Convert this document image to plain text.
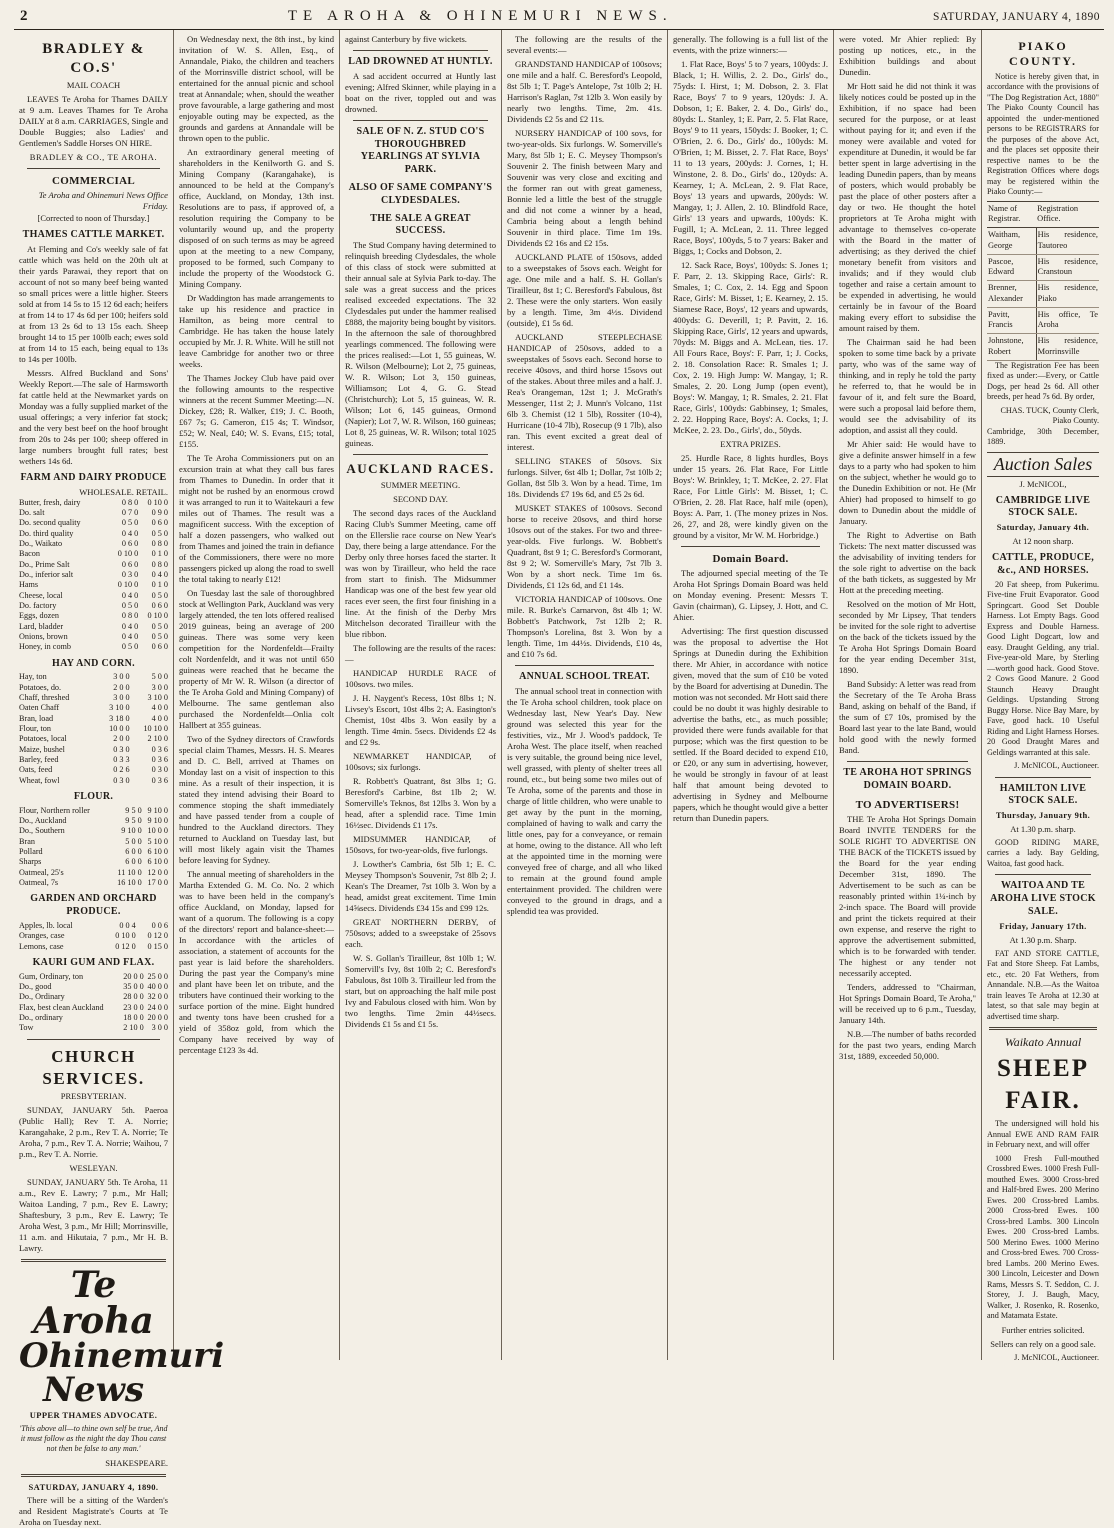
2	TE AROHA & OHINEMURI NEWS.	SATURDAY, JANUARY 4, 1890
BRADLEY & CO.S'
MAIL COACH

LEAVES Te Aroha for Thames DAILY at 9 a.m. Leaves Thames for Te Aroha DAILY at 8 a.m. CARRIAGES, Single and Double Buggies; also Ladies' and Gentlemen's Saddle Horses ON HIRE.

BRADLEY & CO., TE AROHA.
COMMERCIAL
Te Aroha and Ohinemuri News Office Friday.
[Corrected to noon of Thursday.]
THAMES CATTLE MARKET.

At Fleming and Co's weekly sale of fat cattle which was held on the 20th ult at their yards Parawai, they report that on account of not so many beef being wanted so small prices were a little higher. Steers sold at from 14 5s to 15 12 6d each; heifers at from 14 to 17 4s 6d per 100; heifers sold at from 13 2s 6d to 13 15s each. Sheep brought 14 to 15 per 100lb each; ewes sold at from 14 to 15 each, being equal to 13s to 14s per 100lb.

Messrs. Alfred Buckland and Sons' Weekly Report.—The sale of Harmsworth fat cattle held at the Newmarket yards on Monday was a fully supplied market of the usual offerings; a very inferior fat stock; and the very best beef on the hoof brought from 20s to 24s per 100; sheep offered in large numbers brought full rates; best wethers 14s 6d.

FARM AND DAIRY PRODUCE
WHOLESALE. RETAIL.
Butter, fresh, dairy	0 8 0	0 10 0
Do. salt	0 7 0	0 9 0
Do. second quality	0 5 0	0 6 0
Do. third quality	0 4 0	0 5 0
Do., Waikato	0 6 0	0 8 0
Bacon	0 10 0	0 1 0
Do., Prime Salt	0 6 0	0 8 0
Do., inferior salt	0 3 0	0 4 0
Hams	0 10 0	0 1 0
Cheese, local	0 4 0	0 5 0
Do. factory	0 5 0	0 6 0
Eggs, dozen	0 8 0	0 10 0
Lard, bladder	0 4 0	0 5 0
Onions, brown	0 4 0	0 5 0
Honey, in comb	0 5 0	0 6 0
HAY AND CORN.
Hay, ton	3 0 0	5 0 0
Potatoes, do.	2 0 0	3 0 0
Chaff, threshed	3 0 0	3 10 0
Oaten Chaff	3 10 0	4 0 0
Bran, load	3 18 0	4 0 0
Flour, ton	10 0 0	10 10 0
Potatoes, local	2 0 0	2 10 0
Maize, bushel	0 3 0	0 3 6
Barley, feed	0 3 3	0 3 6
Oats, feed	0 2 6	0 3 0
Wheat, fowl	0 3 0	0 3 6
FLOUR.
Flour, Northern roller	9 5 0	9 10 0
Do., Auckland	9 5 0	9 10 0
Do., Southern	9 10 0	10 0 0
Bran	5 0 0	5 10 0
Pollard	6 0 0	6 10 0
Sharps	6 0 0	6 10 0
Oatmeal, 25's	11 10 0	12 0 0
Oatmeal, 7s	16 10 0	17 0 0
GARDEN AND ORCHARD PRODUCE.
Apples, lb. local	0 0 4	0 0 6
Oranges, case	0 10 0	0 12 0
Lemons, case	0 12 0	0 15 0
KAURI GUM AND FLAX.
Gum, Ordinary, ton	20 0 0	25 0 0
Do., good	35 0 0	40 0 0
Do., Ordinary	28 0 0	32 0 0
Flax, best clean Auckland	23 0 0	24 0 0
Do., ordinary	18 0 0	20 0 0
Tow	2 10 0	3 0 0
CHURCH SERVICES.
PRESBYTERIAN.

SUNDAY, JANUARY 5th. Paeroa (Public Hall); Rev T. A. Norrie; Karangahake, 2 p.m., Rev T. A. Norrie; Te Aroha, 7 p.m., Rev T. A. Norrie; Waihou, 7 p.m., Rev T. A. Norrie.

WESLEYAN.

SUNDAY, JANUARY 5th. Te Aroha, 11 a.m., Rev E. Lawry; 7 p.m., Mr Hall; Waitoa Landing, 7 p.m., Rev E. Lawry; Shaftesbury, 3 p.m., Rev E. Lawry; Te Aroha West, 3 p.m., Mr Hill; Morrinsville, 11 a.m. and Hikutaia, 7 p.m., Mr H. B. Lawry.

Te Aroha
Ohinemuri News
UPPER THAMES ADVOCATE.
'This above all—to thine own self be true, And it must follow as the night the day Thou canst not then be false to any man.'
SHAKESPEARE.
SATURDAY, JANUARY 4, 1890.

There will be a sitting of the Warden's and Resident Magistrate's Courts at Te Aroha on Tuesday next.

On Wednesday next, the 8th inst., by kind invitation of W. S. Allen, Esq., of Annandale, Piako, the children and teachers of the Morrinsville district school, will be entertained for the annual picnic and school treat at Annandale; when, should the weather prove favourable, a large gathering and most enjoyable outing may be expected, as the grounds and gardens at Annandale will be thrown open to the public.

An extraordinary general meeting of shareholders in the Kenilworth G. and S. Mining Company (Karangahake), is announced to be held at the Company's office, Auckland, on Monday, 13th inst. Resolutions are to pass, if approved of, a resolution requiring the Company to be voluntarily wound up, and the property disposed of on such terms as may be agreed upon at the meeting to a new Company, proposed to be formed, such Company to include the property of the Woodstock G. Mining Company.

Dr Waddington has made arrangements to take up his residence and practice in Hamilton, as being more central to Cambridge. He has taken the house lately occupied by Mr. J. R. White. Will he still not leave Cambridge for another two or three weeks.

The Thames Jockey Club have paid over the following amounts to the respective winners at the recent Summer Meeting:—N. Dickey, £28; R. Walker, £19; J. C. Booth, £67 7s; G. Cameron, £15 4s; T. Windsor, £52; W. Neal, £40; W. S. Evans, £15; total, £155.

The Te Aroha Commissioners put on an excursion train at what they call bus fares from Thames to Dunedin. In order that it might not be rushed by an enormous crowd it was arranged to run it to Waitekauri a few miles out of Thames. The result was a magnificent success. With the exception of half a dozen passengers, who walked out from Thames and joined the train in defiance of the Commissioners, there were no more passengers picked up along the road to swell the total taking to nearly £12!

On Tuesday last the sale of thoroughbred stock at Wellington Park, Auckland was very largely attended, the ten lots offered realised 2019 guineas, being an average of 200 guineas. There was some very keen competition for the Nordenfeldt—Frailty colt Nordenfeldt, and it was not until 650 guineas were reached that he became the property of Mr W. R. Wilson (a director of the Te Aroha Gold and Mining Company) of Melbourne. The same gentleman also purchased the Nordenfeldt—Onlia colt Hallbert at 355 guineas.

Two of the Sydney directors of Crawfords special claim Thames, Messrs. H. S. Meares and D. C. Bell, arrived at Thames on Monday last on a visit of inspection to this mine. As a result of their inspection, it is stated they intend advising their Board to commence stoping the shaft immediately and have passed tender from a couple of hundred to the Auckland directors. They returned to Auckland on Tuesday last, but will most likely again visit the Thames before leaving for Sydney.

The annual meeting of shareholders in the Martha Extended G. M. Co. No. 2 which was to have been held in the company's office Auckland, on Monday, lapsed for want of a quorum. The following is a copy of the directors' report and balance-sheet:—In accordance with the articles of association, a statement of accounts for the past year is laid before the shareholders. During the past year the Company's mine and plant have been let on tribute, and the tributers have continued their working to the surface portion of the mine. Eight hundred and twenty tons have been crushed for a yield of 358oz gold, from which the Company have received by way of percentage £123 3s 4d.

against Canterbury by five wickets.

LAD DROWNED AT HUNTLY.

A sad accident occurred at Huntly last evening; Alfred Skinner, while playing in a boat on the river, toppled out and was drowned.

SALE OF N. Z. STUD CO'S THOROUGHBRED YEARLINGS AT SYLVIA PARK.
ALSO OF SAME COMPANY'S CLYDESDALES.
THE SALE A GREAT SUCCESS.

The Stud Company having determined to relinquish breeding Clydesdales, the whole of this class of stock were submitted at their annual sale at Sylvia Park to-day. The sale was a great success and the prices realised exceeded expectations. The 32 Clydesdales put under the hammer realised £888, the majority being bought by visitors. In the afternoon the sale of thoroughbred yearlings commenced. The following were the prices realised:—Lot 1, 55 guineas, W. R. Wilson (Melbourne); Lot 2, 75 guineas, W. R. Wilson; Lot 3, 150 guineas, Williamson; Lot 4, G. G. Stead (Christchurch); Lot 5, 15 guineas, W. R. Wilson; Lot 6, 145 guineas, Ormond (Napier); Lot 7, W. R. Wilson, 160 guineas; Lot 8, 25 guineas, W. R. Wilson; total 1025 guineas.

AUCKLAND RACES.
SUMMER MEETING.
SECOND DAY.

The second days races of the Auckland Racing Club's Summer Meeting, came off on the Ellerslie race course on New Year's Day, there being a large attendance. For the Derby only three horses faced the starter. It was won by Tirailleur, who held the race from start to finish. The Midsummer Handicap was one of the best few year old races ever seen, the first four finishing in a line. At the finish of the Derby Mrs Mitchelson decorated Tirailleur with the blue ribbon.

The following are the results of the races:—

HANDICAP HURDLE RACE of 100sovs. two miles.

J. H. Naygent's Recess, 10st 8lbs 1; N. Livsey's Escort, 10st 4lbs 2; A. Easington's Chemist, 10st 4lbs 3. Won easily by a length. Time 4min. 5secs. Dividends £2 4s and £2 9s.

NEWMARKET HANDICAP, of 100sovs; six furlongs.

R. Robbett's Quatrant, 8st 3lbs 1; G. Beresford's Carbine, 8st 1lb 2; W. Somerville's Teknos, 8st 12lbs 3. Won by a head, after a splendid race. Time 1min 16½sec. Dividends £1 17s.

MIDSUMMER HANDICAP, of 150sovs, for two-year-olds, five furlongs.

J. Lowther's Cambria, 6st 5lb 1; E. C. Meysey Thompson's Souvenir, 7st 8lb 2; J. Kean's The Dreamer, 7st 10lb 3. Won by a head, amidst great excitement. Time 1min 14⅝secs. Dividends £34 15s and £99 12s.

GREAT NORTHERN DERBY, of 750sovs; added to a sweepstake of 25sovs each.

W. S. Gollan's Tirailleur, 8st 10lb 1; W. Somervill's Ivy, 8st 10lb 2; C. Beresford's Fabulous, 8st 10lb 3. Tirailleur led from the start, but on approaching the half mile post Ivy and Fabulous closed with him. Won by two lengths. Time 2min 44½secs. Dividends £1 5s and £1 5s.

The following are the results of the several events:—

GRANDSTAND HANDICAP of 100sovs; one mile and a half. C. Beresford's Leopold, 8st 5lb 1; T. Page's Antelope, 7st 10lb 2; H. Harrison's Raglan, 7st 12lb 3. Won easily by nearly two lengths. Time, 2m. 41s. Dividends £2 5s and £2 11s.

NURSERY HANDICAP of 100 sovs, for two-year-olds. Six furlongs. W. Somerville's Mary, 8st 5lb 1; E. C. Meysey Thompson's Souvenir 2. The finish between Mary and Souvenir was very close and exciting and the former ran out with great gameness, Bonnie led a little the best of the struggle and did not come a winner by a head, Cambria being about a length behind Souvenir in third place. Time 1m 19s. Dividends £2 16s and £2 15s.

AUCKLAND PLATE of 150sovs, added to a sweepstakes of 5sovs each. Weight for age. One mile and a half. S. H. Gollan's Tirailleur, 8st 1; C. Beresford's Fabulous, 8st 2. These were the only starters. Won easily by a length. Time, 3m 4½s. Dividend (outside), £1 5s 6d.

AUCKLAND STEEPLECHASE HANDICAP of 250sovs, added to a sweepstakes of 5sovs each. Second horse to receive 40sovs, and third horse 15sovs out of the stakes. About three miles and a half. J. Rea's Orangeman, 12st 1; J. McGrath's Messenger, 11st 2; J. Munn's Volcano, 11st 6lb 3. Chemist (12 1 5lb), Rossiter (10-4), Hurricane (10-4 7lb), Rosecup (9 1 7lb), also ran. This event excited a great deal of interest.

SELLING STAKES of 50sovs. Six furlongs. Silver, 6st 4lb 1; Dollar, 7st 10lb 2; Gollan, 8st 5lb 3. Won by a head. Time, 1m 18s. Dividends £7 19s 6d, and £5 2s 6d.

MUSKET STAKES of 100sovs. Second horse to receive 20sovs, and third horse 10sovs out of the stakes. For two and three-year-olds. Five furlongs. W. Bobbett's Quadrant, 8st 9 1; C. Beresford's Cormorant, 8st 9 2; W. Somerville's Mary, 7st 7lb 3. Won by a short neck. Time 1m 6s. Dividends, £1 12s 6d, and £1 14s.

VICTORIA HANDICAP of 100sovs. One mile. R. Burke's Carnarvon, 8st 4lb 1; W. Bobbett's Patchwork, 7st 12lb 2; R. Thompson's Lorelina, 8st 3. Won by a length. Time, 1m 44½s. Dividends, £10 4s, and £10 7s 6d.

ANNUAL SCHOOL TREAT.

The annual school treat in connection with the Te Aroha school children, took place on Wednesday last, New Year's Day. New ground was selected this year for the festivities, viz., Mr J. Wood's paddock, Te Aroha West. The place itself, when reached is very suitable, the ground being nice level, well grassed, with plenty of shelter trees all round, etc., but being some two miles out of Te Aroha, some of the parents and those in charge of little children, who were unable to get away by the punt in the morning, complained of having to walk and carry the little ones, pay for a conveyance, or remain at home, owing to the distance. All who left at the appointed time in the morning were conveyed free of charge, and all who liked to remain at the ground found ample entertainment provided. The children were conveyed to the ground in drags, and a splendid tea was provided.

generally. The following is a full list of the events, with the prize winners:—

1. Flat Race, Boys' 5 to 7 years, 100yds: J. Black, 1; H. Willis, 2. 2. Do., Girls' do., 75yds: I. Hirst, 1; M. Dobson, 2. 3. Flat Race, Boys' 7 to 9 years, 120yds: J. A. Dobson, 1; E. Baker, 2. 4. Do., Girls' do., 80yds: L. Stanley, 1; E. Parr, 2. 5. Flat Race, Boys' 9 to 11 years, 150yds: J. Booker, 1; C. O'Brien, 2. 6. Do., Girls' do., 100yds: M. O'Brien, 1; M. Bisset, 2. 7. Flat Race, Boys' 11 to 13 years, 200yds: J. Cornes, 1; H. Winstone, 2. 8. Do., Girls' do., 120yds: A. Kearney, 1; A. McLean, 2. 9. Flat Race, Boys' 13 years and upwards, 200yds: W. Mangay, 1; J. Allen, 2. 10. Blindfold Race, Girls' 13 years and upwards, 100yds: K. Fugill, 1; A. McLean, 2. 11. Three legged Race, Boys', 100yds, 5 to 7 years: Baker and Biggs, 1; Cocks and Dobson, 2.

12. Sack Race, Boys', 100yds: S. Jones 1; F. Parr, 2. 13. Skipping Race, Girls': R. Smales, 1; C. Cox, 2. 14. Egg and Spoon Race, Girls': M. Bisset, 1; E. Kearney, 2. 15. Siamese Race, Boys', 12 years and upwards, 400yds: G. Deverill, 1; P. Pavitt, 2. 16. Skipping Race, Girls', 12 years and upwards, 70yds: M. Biggs and A. McLean, ties. 17. All Fours Race, Boys': F. Parr, 1; J. Cocks, 2. 18. Consolation Race: R. Smales 1; J. Cox, 2. 19. High Jump: W. Mangay, 1; R. Smales, 2. 20. Long Jump (open event), Boys': W. Mangay, 1; R. Smales, 2. 21. Flat Race, Girls', 100yds: Gabbinsey, 1; Smales, 2. 22. Hopping Race, Boys': A. Cocks, 1; J. McKee, 2. 23. Do., Girls', do., 50yds.

EXTRA PRIZES.

25. Hurdle Race, 8 lights hurdles, Boys under 15 years. 26. Flat Race, For Little Boys': W. Brinkley, 1; T. McKee, 2. 27. Flat Race, For Little Girls': M. Bisset, 1; C. O'Brien, 2. 28. Flat Race, half mile (open), Boys: A. Parr, 1. (The money prizes in Nos. 26, 27, and 28, were kindly given on the ground by a visitor, Mr W. M. Horbridge.)

Domain Board.

The adjourned special meeting of the Te Aroha Hot Springs Domain Board was held on Monday evening. Present: Messrs T. Gavin (chairman), G. Lipsey, J. Hott, and C. Ahier.

Advertising: The first question discussed was the proposal to advertise the Hot Springs at Dunedin during the Exhibition there. Mr Ahier, in accordance with notice given, moved that the sum of £10 be voted by the Board for advertising at Dunedin. The motion was not seconded. Mr Hott said there could be no doubt it was highly desirable to advertise the baths, etc., as much possible; provided there were funds available for that purpose; which was the first question to be settled. If the Board decided to expend £10, or £20, or any sum in advertising, however, he would be strongly in favour of at least half that amount being devoted to advertising in Sydney and Melbourne papers, which he thought would give a better return than Dunedin papers.

were voted. Mr Ahier replied: By posting up notices, etc., in the Exhibition buildings and about Dunedin.

Mr Hott said he did not think it was likely notices could be posted up in the Exhibition, if no space had been secured for the purpose, or at least without paying for it; and even if the money were available and voted for expenditure at Dunedin, it would be far better spent in large advertising in the leading Dunedin papers, than by means of posters, which would probably be past the place of other posters after a day or two. He thought the hotel proprietors at Te Aroha might with advantage to themselves co-operate with the Board in the matter of advertising; as they derived the chief monetary benefit from visitors and invalids; and if they would club together and raise a certain amount to be expended in advertising, he would certainly be in favour of the Board making every effort to subsidise the amount raised by them.

The Chairman said he had been spoken to some time back by a private party, who was of the same way of thinking, and in reply he told the party he referred to, that he would be in favour of it, and felt sure the Board, were such a proposal laid before them, would see the advisability of its adoption, and assist all they could.

Mr Ahier said: He would have to give a definite answer himself in a few days to a party who had spoken to him on the subject, whether he would go to the Dunedin Exhibition or not. He (Mr Ahier) had proposed to himself to go down to Dunedin about the middle of January.

The Right to Advertise on Bath Tickets: The next matter discussed was the advisability of inviting tenders for the sole right to advertise on the back of the bath tickets, as suggested by Mr Hott at the preceding meeting.

Resolved on the motion of Mr Hott, seconded by Mr Lipsey, That tenders be invited for the sole right to advertise on the back of the tickets issued by the Te Aroha Hot Springs Domain Board for the year ending December 31st, 1890.

Band Subsidy: A letter was read from the Secretary of the Te Aroha Brass Band, asking on behalf of the Band, if the sum of £7 10s, promised by the Board last year to the late Band, would hold good with the newly formed Band.

TE AROHA HOT SPRINGS DOMAIN BOARD.
TO ADVERTISERS!

THE Te Aroha Hot Springs Domain Board INVITE TENDERS for the SOLE RIGHT TO ADVERTISE ON THE BACK of the TICKETS issued by the Board for the year ending December 31st, 1890. The Advertisement to be such as can be reasonably printed within 1¼-inch by 2-inch space. The Board will provide and print the tickets required at their own expense, and reserve the right to approve the advertisement submitted, which is to be forwarded with tender. The highest or any tender not necessarily accepted.

Tenders, addressed to "Chairman, Hot Springs Domain Board, Te Aroha," will be received up to 6 p.m., Tuesday, January 14th.

N.B.—The number of baths recorded for the past two years, ending March 31st, 1889, exceeded 50,000.

PIAKO COUNTY.

Notice is hereby given that, in accordance with the provisions of "The Dog Registration Act, 1880" The Piako County Council has appointed the under-mentioned persons to be REGISTRARS for the purposes of the above Act, and the places set opposite their respective names to be the Registration Offices where dogs may be registered within the Piako County:—

Name of Registrar.	Registration Office.
Waitham, George	His residence, Tautoreo
Pascoe, Edward	His residence, Cranstoun
Brenner, Alexander	His residence, Piako
Pavitt, Francis	His office, Te Aroha
Johnstone, Robert	His residence, Morrinsville

The Registration Fee has been fixed as under:—Every, or Cattle Dogs, per head 2s 6d. All other breeds, per head 7s 6d. By order,

CHAS. TUCK, County Clerk, Piako County.
Cambridge, 30th December, 1889.
Auction Sales
J. McNICOL,
CAMBRIDGE LIVE STOCK SALE.
Saturday, January 4th.
At 12 noon sharp.
CATTLE, PRODUCE, &c., AND HORSES.

20 Fat sheep, from Pukerimu. Five-tine Fruit Evaporator. Good Springcart. Good Set Double Harness. Lot Empty Bags. Good Express and Double Harness. Good Light Dogcart, low and easy. Draught Gelding, any trial. Five-year-old Mare, by Sterling—worth good hack. Good Stove. 2 Cows Good Manure. 2 Good Staunch Heavy Draught Geldings. Upstanding Strong Buggy Horse. Nice Bay Mare, by Fave, good hack. 10 Useful Riding and Light Harness Horses. 20 Good Draught Mares and Geldings warranted at this sale.

J. McNICOL, Auctioneer.
HAMILTON LIVE STOCK SALE.
Thursday, January 9th.
At 1.30 p.m. sharp.

GOOD RIDING MARE, carries a lady. Bay Gelding, Waitoa, fast good hack.

WAITOA AND TE AROHA LIVE STOCK SALE.
Friday, January 17th.
At 1.30 p.m. Sharp.

FAT AND STORE CATTLE, Fat and Store Sheep. Fat Lambs, etc., etc. 20 Fat Wethers, from Annandale. N.B.—As the Waitoa train leaves Te Aroha at 12.30 at latest, so that sale may begin at advertised time sharp.

Waikato Annual
SHEEP FAIR.

The undersigned will hold his Annual EWE AND RAM FAIR in February next, and will offer

1000 Fresh Full-mouthed Crossbred Ewes. 1000 Fresh Full-mouthed Ewes. 3000 Cross-bred and Half-bred Ewes. 200 Merino Ewes. 200 Cross-bred Lambs. 2000 Cross-bred Ewes. 100 Cross-bred Lambs. 300 Lincoln Ewes. 200 Cross-bred Lambs. 500 Merino Ewes. 1000 Merino and Cross-bred Ewes. 700 Cross-bred Lambs. 200 Merino Ewes. 300 Lincoln, Leicester and Down Rams, Messrs S. T. Seddon, C. J. Storey, J. J. Baugh, Macy, Walker, J. Rosenko, R. Rosenko, and Matamata Estate.

Further entries solicited.
Sellers can rely on a good sale.
J. McNICOL, Auctioneer.
